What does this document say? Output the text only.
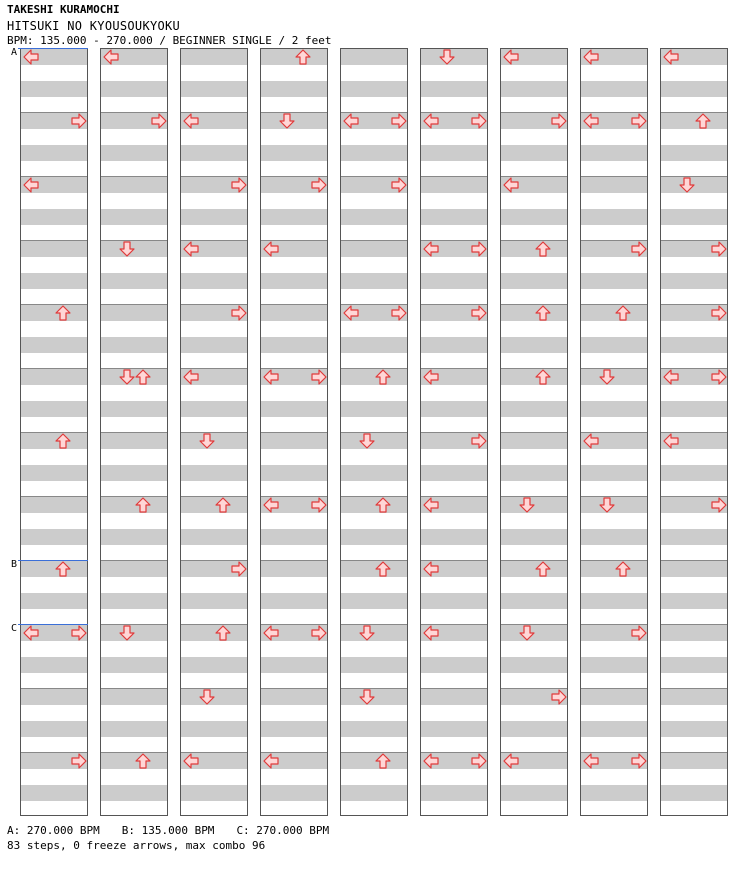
TAKESHI KURAMOCHI
HITSUKI NO KYOUSOUKYOKU
BPM: 135.000 - 270.000 / BEGINNER SINGLE / 2 feet
A
B
C
A: 270.000 BPM B: 135.000 BPM C: 270.000 BPM
83 steps, 0 freeze arrows, max combo 96
